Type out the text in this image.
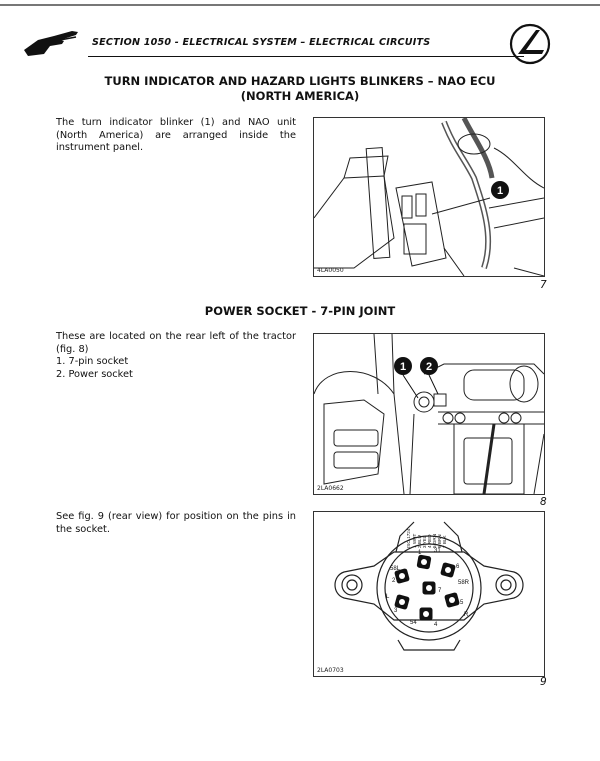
SECTION 1050 - ELECTRICAL SYSTEM – ELECTRICAL CIRCUITS
TURN INDICATOR AND HAZARD LIGHTS BLINKERS – NAO ECU
(NORTH AMERICA)
The turn indicator blinker (1) and NAO unit (North America) are arranged inside the instrument panel.
1
4LA0050
7
POWER SOCKET - 7-PIN JOINT
These are located on the rear left of the tractor (fig. 8)
1. 7-pin socket
2. Power socket
1 2
2LA0662
8
See fig. 9 (rear view) for position on the pins in the socket.
2
6
7
3
5
54	4
1 31
58L
58R
L
R
ISO 1724 1 WHT 2 BLU 3 YEL 4 RED 5 GRN 6 BRN 7 BLK
2LA0703
9
